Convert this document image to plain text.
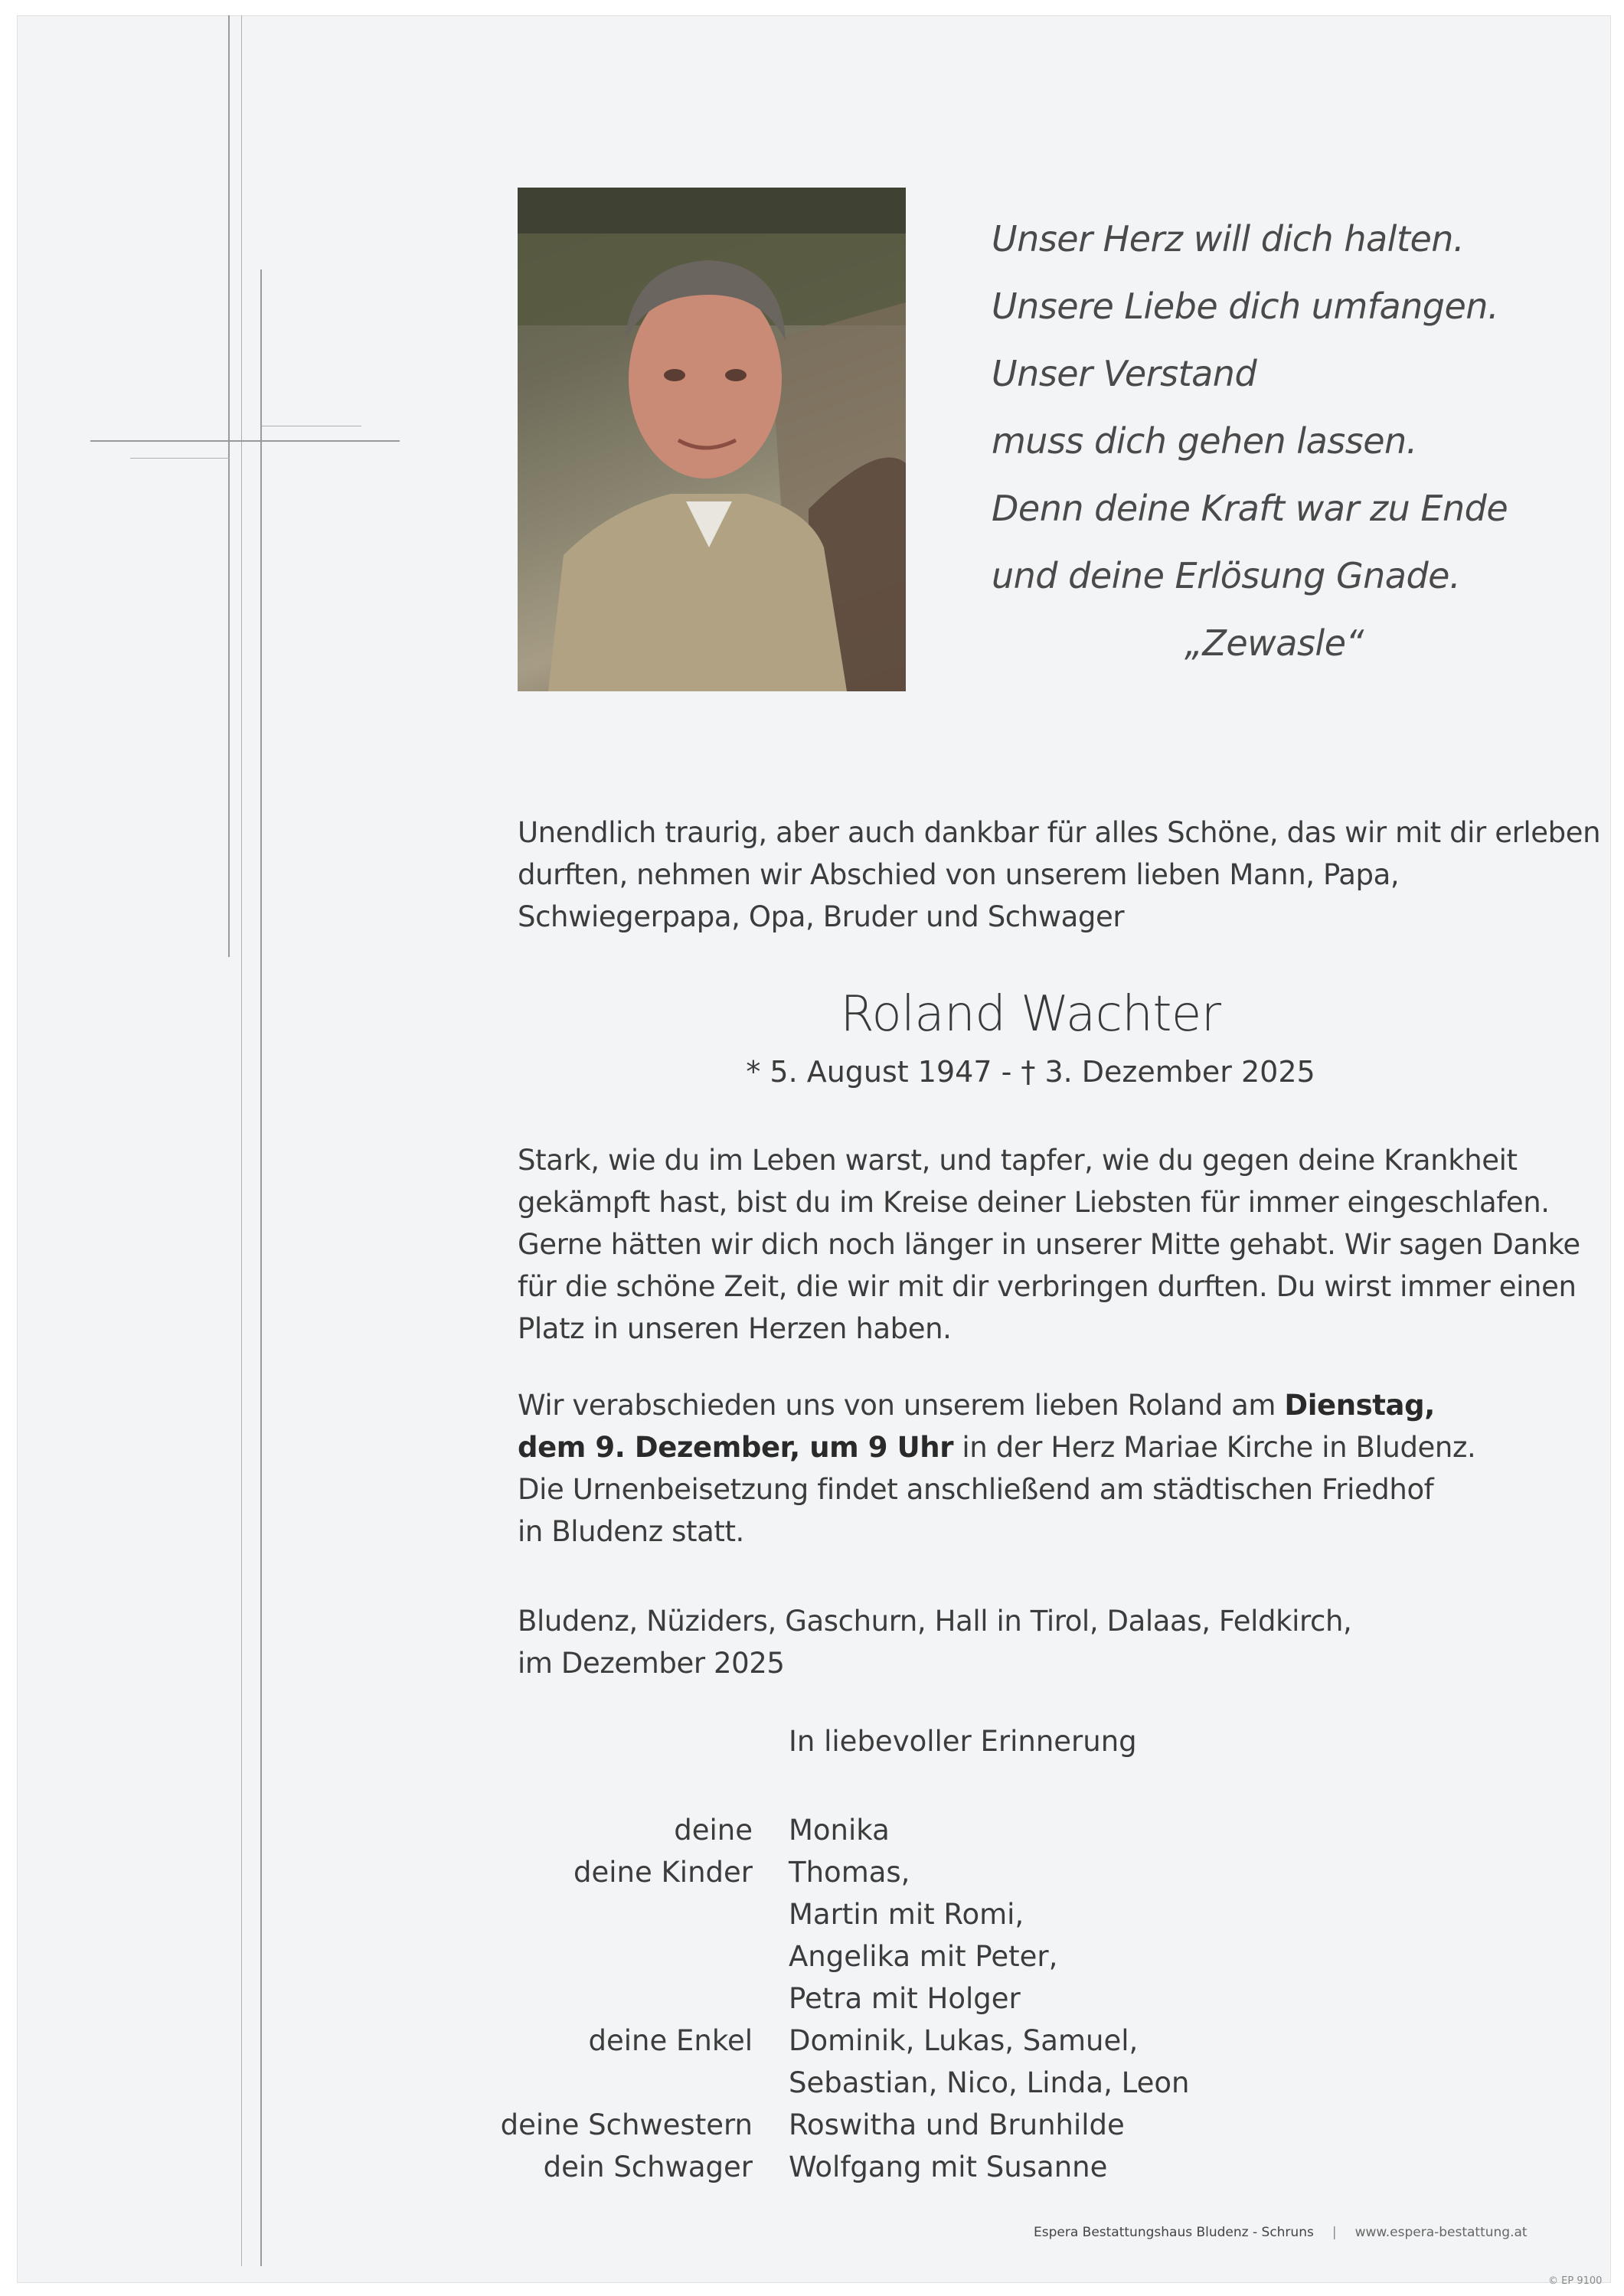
Unser Herz will dich halten.
Unsere Liebe dich umfangen.
Unser Verstand
muss dich gehen lassen.
Denn deine Kraft war zu Ende
und deine Erlösung Gnade.
„Zewasle“
Unendlich traurig, aber auch dankbar für alles Schöne, das wir mit dir erleben
durften, nehmen wir Abschied von unserem lieben Mann, Papa,
Schwiegerpapa, Opa, Bruder und Schwager
Roland Wachter
* 5. August 1947 - † 3. Dezember 2025
Stark, wie du im Leben warst, und tapfer, wie du gegen deine Krankheit
gekämpft hast, bist du im Kreise deiner Liebsten für immer eingeschlafen.
Gerne hätten wir dich noch länger in unserer Mitte gehabt. Wir sagen Danke
für die schöne Zeit, die wir mit dir verbringen durften. Du wirst immer einen
Platz in unseren Herzen haben.
Wir verabschieden uns von unserem lieben Roland am Dienstag,
dem 9. Dezember, um 9 Uhr in der Herz Mariae Kirche in Bludenz.
Die Urnenbeisetzung findet anschließend am städtischen Friedhof
in Bludenz statt.
Bludenz, Nüziders, Gaschurn, Hall in Tirol, Dalaas, Feldkirch,
im Dezember 2025
In liebevoller Erinnerung
deine	Monika
deine Kinder	Thomas,
Martin mit Romi,
Angelika mit Peter,
Petra mit Holger
deine Enkel	Dominik, Lukas, Samuel,
Sebastian, Nico, Linda, Leon
deine Schwestern	Roswitha und Brunhilde
dein Schwager	Wolfgang mit Susanne
Espera Bestattungshaus Bludenz - Schruns | www.espera-bestattung.at
© EP 9100
